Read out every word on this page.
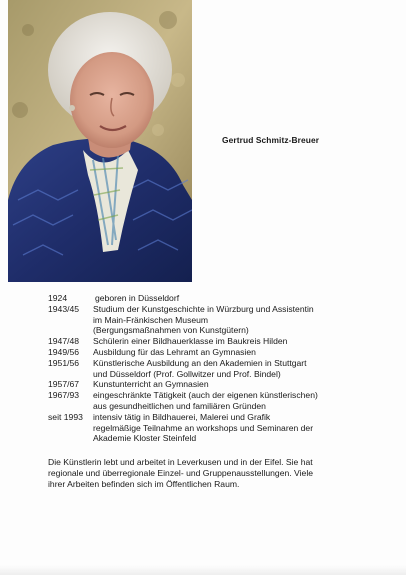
Gertrud Schmitz-Breuer
1924	geboren in Düsseldorf
1943/45	Studium der Kunstgeschichte in Würzburg und Assistentin
im Main-Fränkischen Museum
(Bergungsmaßnahmen von Kunstgütern)
1947/48	Schülerin einer Bildhauerklasse im Baukreis Hilden
1949/56	Ausbildung für das Lehramt an Gymnasien
1951/56	Künstlerische Ausbildung an den Akademien in Stuttgart
und Düsseldorf (Prof. Gollwitzer und Prof. Bindel)
1957/67	Kunstunterricht an Gymnasien
1967/93	eingeschränkte Tätigkeit (auch der eigenen künstlerischen)
aus gesundheitlichen und familiären Gründen
seit 1993	intensiv tätig in Bildhauerei, Malerei und Grafik
regelmäßige Teilnahme an workshops und Seminaren der
Akademie Kloster Steinfeld
Die Künstlerin lebt und arbeitet in Leverkusen und in der Eifel. Sie hat
regionale und überregionale Einzel- und Gruppenausstellungen. Viele
ihrer Arbeiten befinden sich im Öffentlichen Raum.
